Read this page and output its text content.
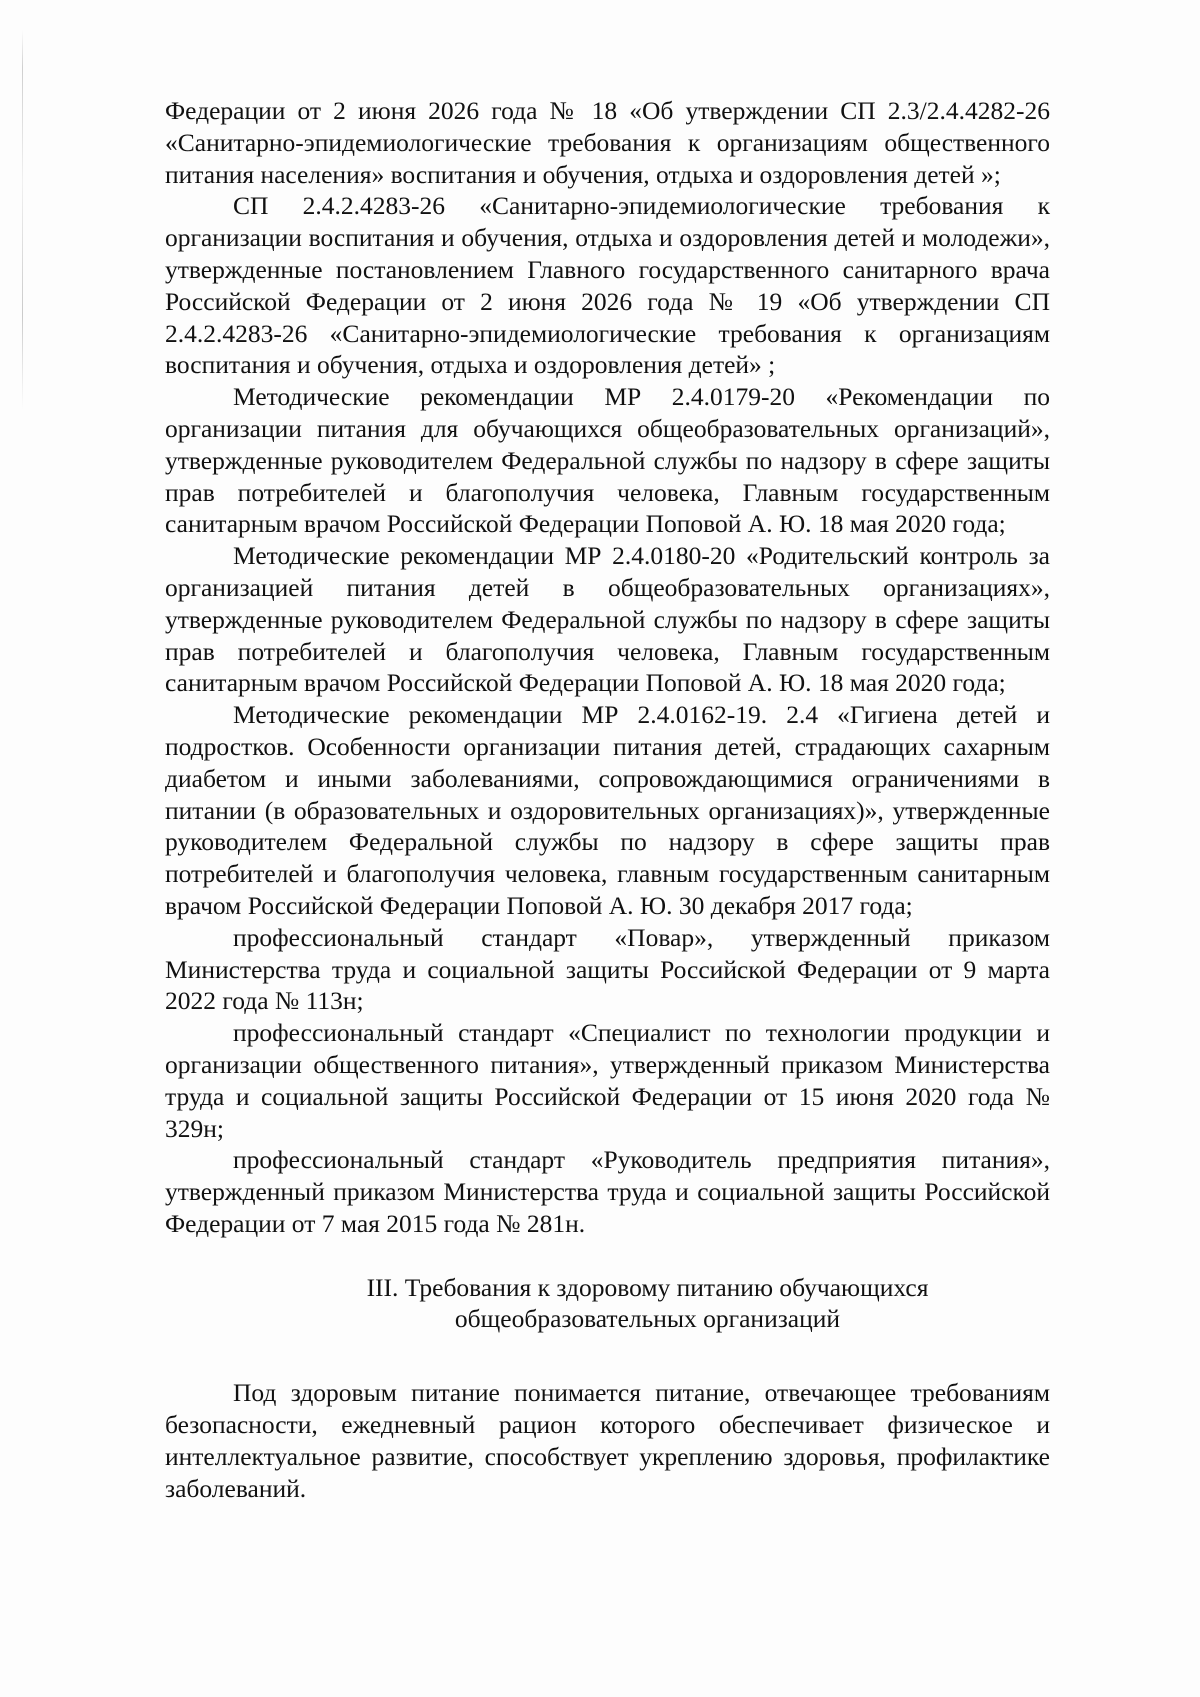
Федерации от 2 июня 2026 года № 18 «Об утверждении СП 2.3/2.4.4282-26 «Санитарно-эпидемиологические требования к организациям общественного питания населения» воспитания и обучения, отдыха и оздоровления детей »;

СП 2.4.2.4283-26 «Санитарно-эпидемиологические требования к организации воспитания и обучения, отдыха и оздоровления детей и молодежи», утвержденные постановлением Главного государственного санитарного врача Российской Федерации от 2 июня 2026 года № 19 «Об утверждении СП 2.4.2.4283-26 «Санитарно-эпидемиологические требования к организациям воспитания и обучения, отдыха и оздоровления детей» ;

Методические рекомендации МР 2.4.0179-20 «Рекомендации по организации питания для обучающихся общеобразовательных организаций», утвержденные руководителем Федеральной службы по надзору в сфере защиты прав потребителей и благополучия человека, Главным государственным санитарным врачом Российской Федерации Поповой А. Ю. 18 мая 2020 года;

Методические рекомендации МР 2.4.0180-20 «Родительский контроль за организацией питания детей в общеобразовательных организациях», утвержденные руководителем Федеральной службы по надзору в сфере защиты прав потребителей и благополучия человека, Главным государственным санитарным врачом Российской Федерации Поповой А. Ю. 18 мая 2020 года;

Методические рекомендации МР 2.4.0162-19. 2.4 «Гигиена детей и подростков. Особенности организации питания детей, страдающих сахарным диабетом и иными заболеваниями, сопровождающимися ограничениями в питании (в образовательных и оздоровительных организациях)», утвержденные руководителем Федеральной службы по надзору в сфере защиты прав потребителей и благополучия человека, главным государственным санитарным врачом Российской Федерации Поповой А. Ю. 30 декабря 2017 года;

профессиональный стандарт «Повар», утвержденный приказом Министерства труда и социальной защиты Российской Федерации от 9 марта 2022 года № 113н;

профессиональный стандарт «Специалист по технологии продукции и организации общественного питания», утвержденный приказом Министерства труда и социальной защиты Российской Федерации от 15 июня 2020 года № 329н;

профессиональный стандарт «Руководитель предприятия питания», утвержденный приказом Министерства труда и социальной защиты Российской Федерации от 7 мая 2015 года № 281н.

III. Требования к здоровому питанию обучающихся
общеобразовательных организаций

Под здоровым питание понимается питание, отвечающее требованиям безопасности, ежедневный рацион которого обеспечивает физическое и интеллектуальное развитие, способствует укреплению здоровья, профилактике заболеваний.
